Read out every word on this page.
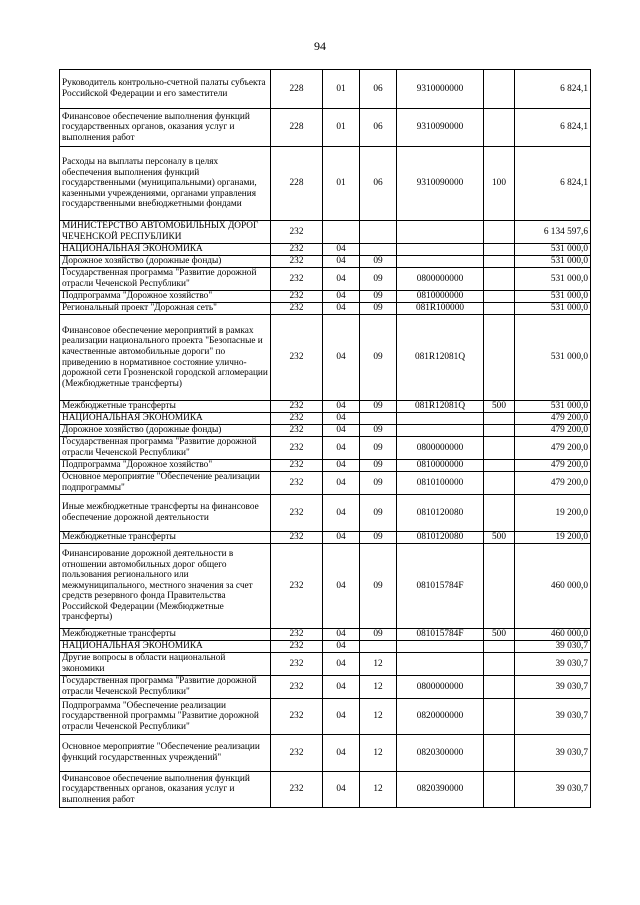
94
Руководитель контрольно-счетной палаты субъекта Российской Федерации и его заместители	228	01	06	9310000000		6 824,1
Финансовое обеспечение выполнения функций государственных органов, оказания услуг и выполнения работ	228	01	06	9310090000		6 824,1
Расходы на выплаты персоналу в целях обеспечения выполнения функций государственными (муниципальными) органами, казенными учреждениями, органами управления государственными внебюджетными фондами	228	01	06	9310090000	100	6 824,1
МИНИСТЕРСТВО АВТОМОБИЛЬНЫХ ДОРОГ ЧЕЧЕНСКОЙ РЕСПУБЛИКИ	232					6 134 597,6
НАЦИОНАЛЬНАЯ ЭКОНОМИКА	232	04				531 000,0
Дорожное хозяйство (дорожные фонды)	232	04	09			531 000,0
Государственная программа "Развитие дорожной отрасли Чеченской Республики"	232	04	09	0800000000		531 000,0
Подпрограмма "Дорожное хозяйство"	232	04	09	0810000000		531 000,0
Региональный проект "Дорожная сеть"	232	04	09	081R100000		531 000,0
Финансовое обеспечение мероприятий в рамках реализации национального проекта "Безопасные и качественные автомобильные дороги" по приведению в нормативное состояние улично-дорожной сети Грозненской городской агломерации (Межбюджетные трансферты)	232	04	09	081R12081Q		531 000,0
Межбюджетные трансферты	232	04	09	081R12081Q	500	531 000,0
НАЦИОНАЛЬНАЯ ЭКОНОМИКА	232	04				479 200,0
Дорожное хозяйство (дорожные фонды)	232	04	09			479 200,0
Государственная программа "Развитие дорожной отрасли Чеченской Республики"	232	04	09	0800000000		479 200,0
Подпрограмма "Дорожное хозяйство"	232	04	09	0810000000		479 200,0
Основное мероприятие "Обеспечение реализации подпрограммы"	232	04	09	0810100000		479 200,0
Иные межбюджетные трансферты на финансовое обеспечение дорожной деятельности	232	04	09	0810120080		19 200,0
Межбюджетные трансферты	232	04	09	0810120080	500	19 200,0
Финансирование дорожной деятельности в отношении автомобильных дорог общего пользования регионального или межмуниципального, местного значения за счет средств резервного фонда Правительства Российской Федерации (Межбюджетные трансферты)	232	04	09	081015784F		460 000,0
Межбюджетные трансферты	232	04	09	081015784F	500	460 000,0
НАЦИОНАЛЬНАЯ ЭКОНОМИКА	232	04				39 030,7
Другие вопросы в области национальной экономики	232	04	12			39 030,7
Государственная программа "Развитие дорожной отрасли Чеченской Республики"	232	04	12	0800000000		39 030,7
Подпрограмма "Обеспечение реализации государственной программы "Развитие дорожной отрасли Чеченской Республики"	232	04	12	0820000000		39 030,7
Основное мероприятие "Обеспечение реализации функций государственных учреждений"	232	04	12	0820300000		39 030,7
Финансовое обеспечение выполнения функций государственных органов, оказания услуг и выполнения работ	232	04	12	0820390000		39 030,7
